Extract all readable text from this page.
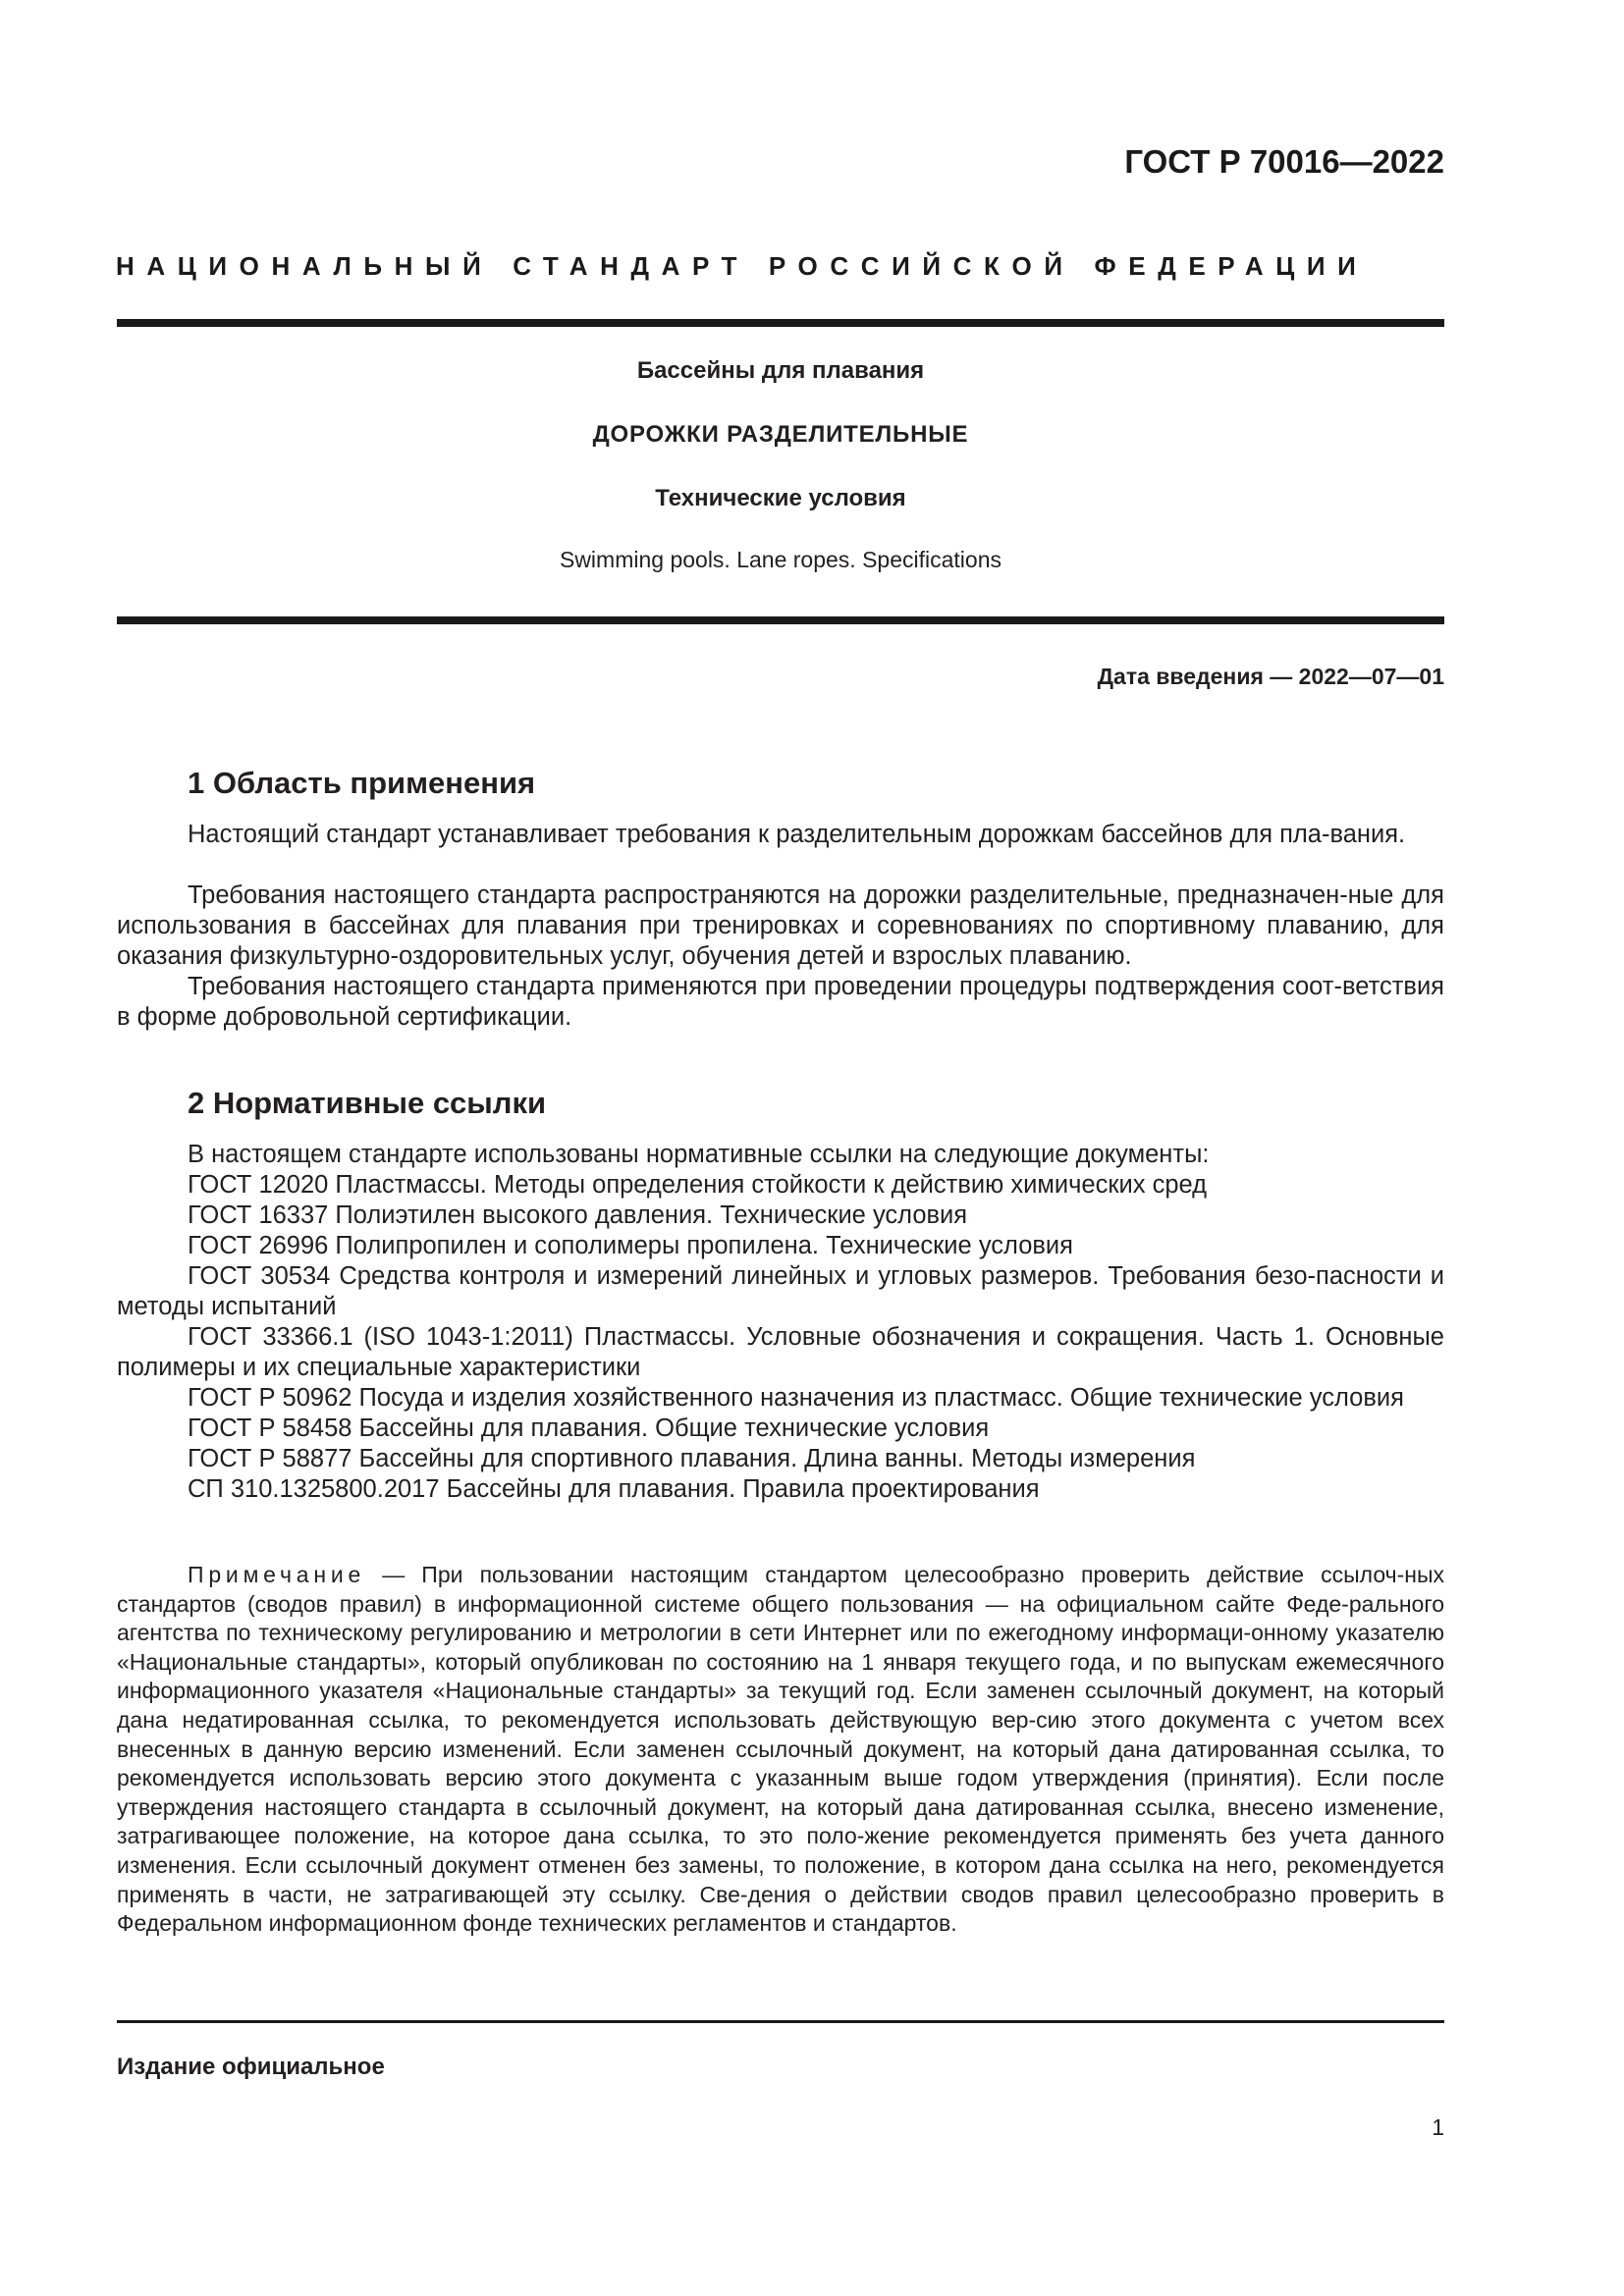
ГОСТ Р 70016—2022
НАЦИОНАЛЬНЫЙ СТАНДАРТ РОССИЙСКОЙ ФЕДЕРАЦИИ
Бассейны для плавания
ДОРОЖКИ РАЗДЕЛИТЕЛЬНЫЕ
Технические условия
Swimming pools. Lane ropes. Specifications
Дата введения — 2022—07—01
1 Область применения

Настоящий стандарт устанавливает требования к разделительным дорожкам бассейнов для пла-вания.

Требования настоящего стандарта распространяются на дорожки разделительные, предназначен-ные для использования в бассейнах для плавания при тренировках и соревнованиях по спортивному плаванию, для оказания физкультурно-оздоровительных услуг, обучения детей и взрослых плаванию.

Требования настоящего стандарта применяются при проведении процедуры подтверждения соот-ветствия в форме добровольной сертификации.

2 Нормативные ссылки
В настоящем стандарте использованы нормативные ссылки на следующие документы:
ГОСТ 12020 Пластмассы. Методы определения стойкости к действию химических сред
ГОСТ 16337 Полиэтилен высокого давления. Технические условия
ГОСТ 26996 Полипропилен и сополимеры пропилена. Технические условия
ГОСТ 30534 Средства контроля и измерений линейных и угловых размеров. Требования безо-пасности и методы испытаний
ГОСТ 33366.1 (ISO 1043-1:2011) Пластмассы. Условные обозначения и сокращения. Часть 1. Основные полимеры и их специальные характеристики
ГОСТ Р 50962 Посуда и изделия хозяйственного назначения из пластмасс. Общие технические условия
ГОСТ Р 58458 Бассейны для плавания. Общие технические условия
ГОСТ Р 58877 Бассейны для спортивного плавания. Длина ванны. Методы измерения
СП 310.1325800.2017 Бассейны для плавания. Правила проектирования

Примечание — При пользовании настоящим стандартом целесообразно проверить действие ссылоч-ных стандартов (сводов правил) в информационной системе общего пользования — на официальном сайте Феде-рального агентства по техническому регулированию и метрологии в сети Интернет или по ежегодному информаци-онному указателю «Национальные стандарты», который опубликован по состоянию на 1 января текущего года, и по выпускам ежемесячного информационного указателя «Национальные стандарты» за текущий год. Если заменен ссылочный документ, на который дана недатированная ссылка, то рекомендуется использовать действующую вер-сию этого документа с учетом всех внесенных в данную версию изменений. Если заменен ссылочный документ, на который дана датированная ссылка, то рекомендуется использовать версию этого документа с указанным выше годом утверждения (принятия). Если после утверждения настоящего стандарта в ссылочный документ, на который дана датированная ссылка, внесено изменение, затрагивающее положение, на которое дана ссылка, то это поло-жение рекомендуется применять без учета данного изменения. Если ссылочный документ отменен без замены, то положение, в котором дана ссылка на него, рекомендуется применять в части, не затрагивающей эту ссылку. Све-дения о действии сводов правил целесообразно проверить в Федеральном информационном фонде технических регламентов и стандартов.

Издание официальное
1
